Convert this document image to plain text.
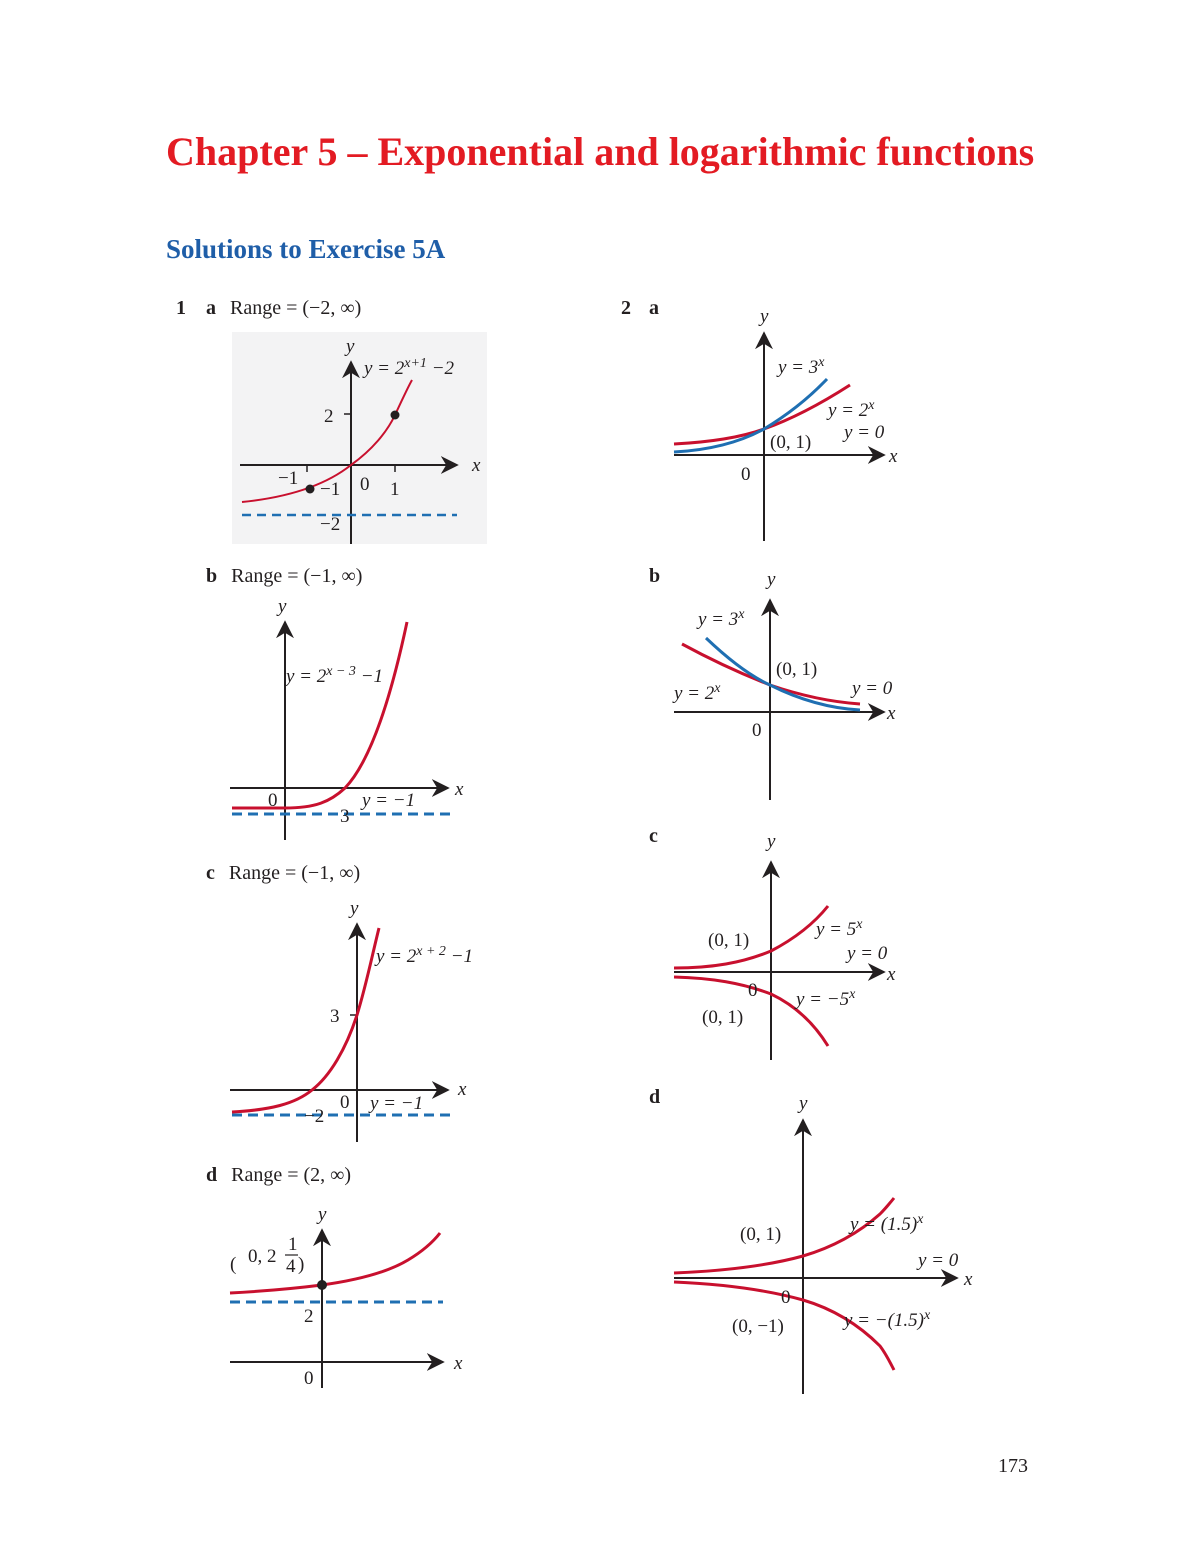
Chapter 5 – Exponential and logarithmic functions
Solutions to Exercise 5A
1 a Range = (−2, ∞)
x
y
$y = 2^{x+1} -2$
2
−1
−1 0 1
−2
b Range = (−1, ∞)
x
y
$y = 2^{x - 3} -1$
0
3
y = −1
c Range = (−1, ∞)
x
y
$y = 2^{x + 2} -1$
3
−2
0 y = −1
d Range = (2, ∞)
x
y
( 0, 2
1
4 )
2
0
2 a
x
y
$y = 3^x$
$y = 2^x$
(0, 1) y = 0
0
b
x
y
$y = 3^x$
$y = 2^x$
(0, 1)
y = 0
0
c
x
y
$y = 5^x$
$y = -5^x$
(0, 1)
(0, 1)
y = 0
0
d
x
y
$y = (1.5)^x$
$y = -(1.5)^x$
(0, 1)
(0, −1)
y = 0
0
173
